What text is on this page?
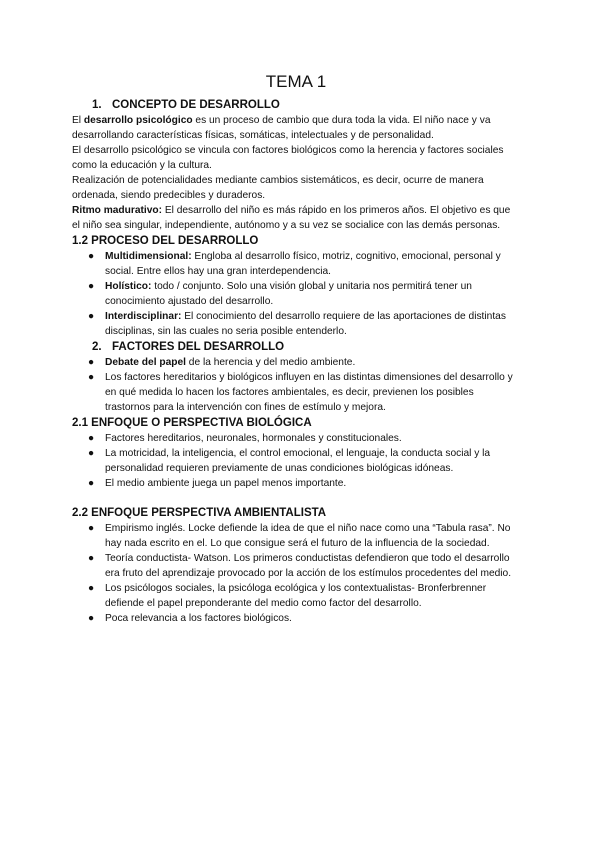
TEMA 1
1. CONCEPTO DE DESARROLLO

El desarrollo psicológico es un proceso de cambio que dura toda la vida. El niño nace y va desarrollando características físicas, somáticas, intelectuales y de personalidad.

El desarrollo psicológico se vincula con factores biológicos como la herencia y factores sociales como la educación y la cultura.

Realización de potencialidades mediante cambios sistemáticos, es decir, ocurre de manera ordenada, siendo predecibles y duraderos.

Ritmo madurativo: El desarrollo del niño es más rápido en los primeros años. El objetivo es que el niño sea singular, independiente, autónomo y a su vez se socialice con las demás personas.

1.2 PROCESO DEL DESARROLLO
● Multidimensional: Engloba al desarrollo físico, motriz, cognitivo, emocional, personal y social. Entre ellos hay una gran interdependencia.
● Holístico: todo / conjunto. Solo una visión global y unitaria nos permitirá tener un conocimiento ajustado del desarrollo.
● Interdisciplinar: El conocimiento del desarrollo requiere de las aportaciones de distintas disciplinas, sin las cuales no seria posible entenderlo.
2. FACTORES DEL DESARROLLO
● Debate del papel de la herencia y del medio ambiente.
● Los factores hereditarios y biológicos influyen en las distintas dimensiones del desarrollo y en qué medida lo hacen los factores ambientales, es decir, previenen los posibles trastornos para la intervención con fines de estímulo y mejora.
2.1 ENFOQUE O PERSPECTIVA BIOLÓGICA
● Factores hereditarios, neuronales, hormonales y constitucionales.
● La motricidad, la inteligencia, el control emocional, el lenguaje, la conducta social y la personalidad requieren previamente de unas condiciones biológicas idóneas.
● El medio ambiente juega un papel menos importante.
2.2 ENFOQUE PERSPECTIVA AMBIENTALISTA
● Empirismo inglés. Locke defiende la idea de que el niño nace como una “Tabula rasa”. No hay nada escrito en el. Lo que consigue será el futuro de la influencia de la sociedad.
● Teoría conductista- Watson. Los primeros conductistas defendieron que todo el desarrollo era fruto del aprendizaje provocado por la acción de los estímulos procedentes del medio.
● Los psicólogos sociales, la psicóloga ecológica y los contextualistas- Bronferbrenner defiende el papel preponderante del medio como factor del desarrollo.
● Poca relevancia a los factores biológicos.
